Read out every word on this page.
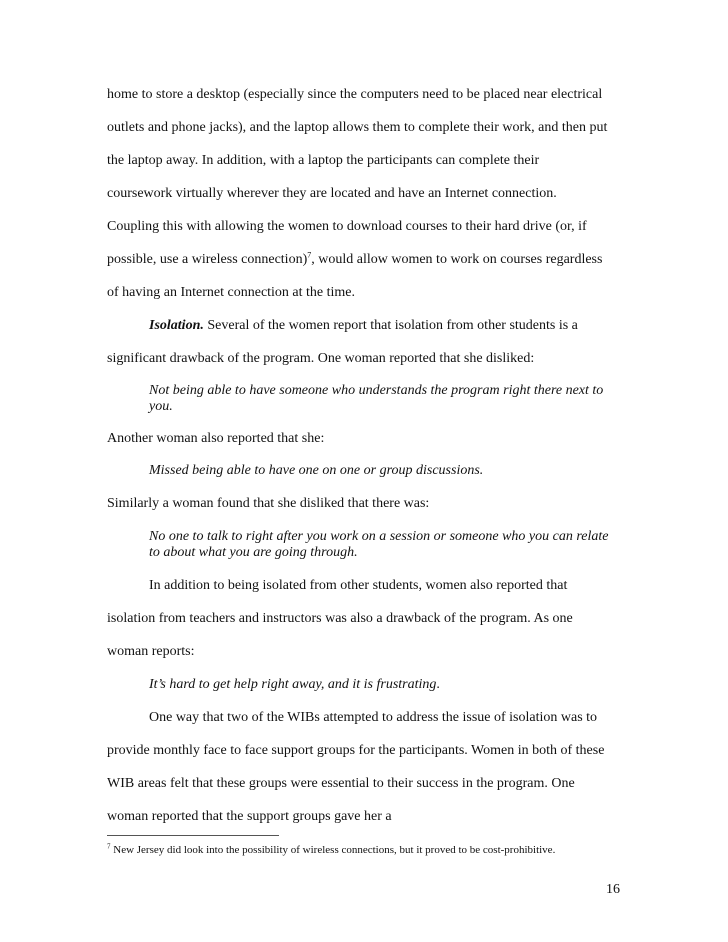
home to store a desktop (especially since the computers need to be placed near electrical
outlets and phone jacks), and the laptop allows them to complete their work, and then put
the laptop away. In addition, with a laptop the participants can complete their
coursework virtually wherever they are located and have an Internet connection.
Coupling this with allowing the women to download courses to their hard drive (or, if
possible, use a wireless connection)$^7$, would allow women to work on courses regardless
of having an Internet connection at the time.
Isolation. Several of the women report that isolation from other students is a
significant drawback of the program. One woman reported that she disliked:
Not being able to have someone who understands the program right there next to
you.
Another woman also reported that she:
Missed being able to have one on one or group discussions.
Similarly a woman found that she disliked that there was:
No one to talk to right after you work on a session or someone who you can relate
to about what you are going through.
In addition to being isolated from other students, women also reported that
isolation from teachers and instructors was also a drawback of the program. As one
woman reports:
It’s hard to get help right away, and it is frustrating.
One way that two of the WIBs attempted to address the issue of isolation was to
provide monthly face to face support groups for the participants. Women in both of these
WIB areas felt that these groups were essential to their success in the program. One
woman reported that the support groups gave her a
$^7$ New Jersey did look into the possibility of wireless connections, but it proved to be cost-prohibitive.
16
